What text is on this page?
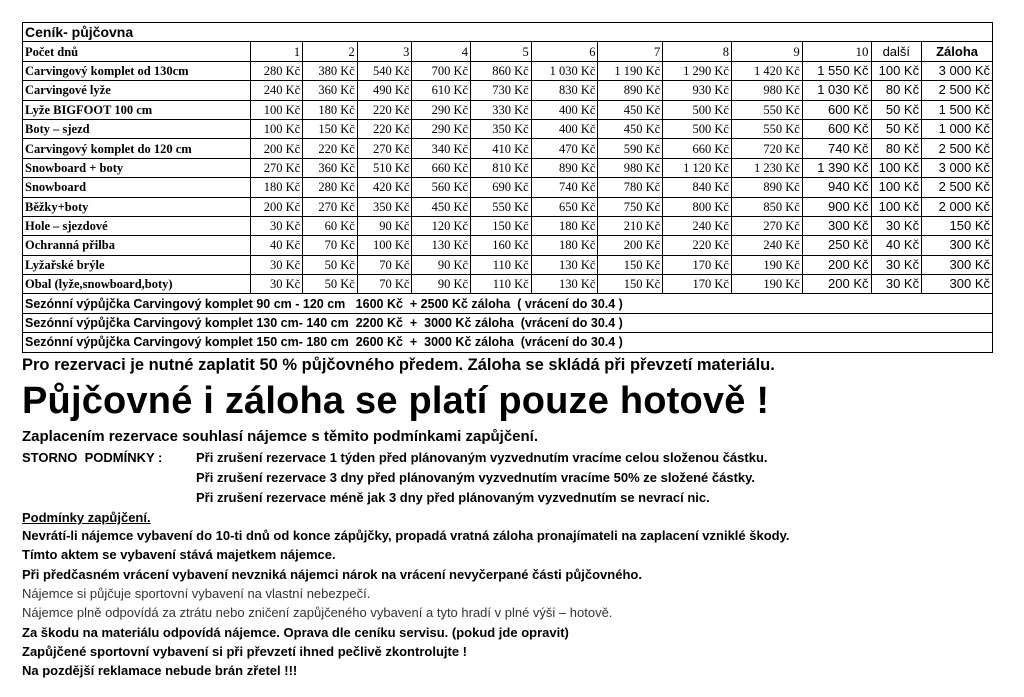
Ceník- půjčovna												
Počet dnů	1	2	3	4	5	6	7	8	9	10	další	Záloha
Carvingový komplet od 130cm	280 Kč	380 Kč	540 Kč	700 Kč	860 Kč	1 030 Kč	1 190 Kč	1 290 Kč	1 420 Kč	1 550 Kč	100 Kč	3 000 Kč
Carvingové lyže	240 Kč	360 Kč	490 Kč	610 Kč	730 Kč	830 Kč	890 Kč	930 Kč	980 Kč	1 030 Kč	80 Kč	2 500 Kč
Lyže BIGFOOT 100 cm	100 Kč	180 Kč	220 Kč	290 Kč	330 Kč	400 Kč	450 Kč	500 Kč	550 Kč	600 Kč	50 Kč	1 500 Kč
Boty – sjezd	100 Kč	150 Kč	220 Kč	290 Kč	350 Kč	400 Kč	450 Kč	500 Kč	550 Kč	600 Kč	50 Kč	1 000 Kč
Carvingový komplet do 120 cm	200 Kč	220 Kč	270 Kč	340 Kč	410 Kč	470 Kč	590 Kč	660 Kč	720 Kč	740 Kč	80 Kč	2 500 Kč
Snowboard + boty	270 Kč	360 Kč	510 Kč	660 Kč	810 Kč	890 Kč	980 Kč	1 120 Kč	1 230 Kč	1 390 Kč	100 Kč	3 000 Kč
Snowboard	180 Kč	280 Kč	420 Kč	560 Kč	690 Kč	740 Kč	780 Kč	840 Kč	890 Kč	940 Kč	100 Kč	2 500 Kč
Běžky+boty	200 Kč	270 Kč	350 Kč	450 Kč	550 Kč	650 Kč	750 Kč	800 Kč	850 Kč	900 Kč	100 Kč	2 000 Kč
Hole – sjezdové	30 Kč	60 Kč	90 Kč	120 Kč	150 Kč	180 Kč	210 Kč	240 Kč	270 Kč	300 Kč	30 Kč	150 Kč
Ochranná přilba	40 Kč	70 Kč	100 Kč	130 Kč	160 Kč	180 Kč	200 Kč	220 Kč	240 Kč	250 Kč	40 Kč	300 Kč
Lyžařské brýle	30 Kč	50 Kč	70 Kč	90 Kč	110 Kč	130 Kč	150 Kč	170 Kč	190 Kč	200 Kč	30 Kč	300 Kč
Obal (lyže,snowboard,boty)	30 Kč	50 Kč	70 Kč	90 Kč	110 Kč	130 Kč	150 Kč	170 Kč	190 Kč	200 Kč	30 Kč	300 Kč
Sezónní výpůjčka Carvingový komplet 90 cm - 120 cm   1600 Kč  + 2500 Kč záloha  ( vrácení do 30.4 )												
Sezónní výpůjčka Carvingový komplet 130 cm- 140 cm  2200 Kč  +  3000 Kč záloha  (vrácení do 30.4 )												
Sezónní výpůjčka Carvingový komplet 150 cm- 180 cm  2600 Kč  +  3000 Kč záloha  (vrácení do 30.4 )												
Pro rezervaci je nutné zaplatit 50 % půjčovného předem. Záloha se skládá při převzetí materiálu.
Půjčovné i záloha se platí pouze hotově !
Zaplacením rezervace souhlasí nájemce s těmito podmínkami zapůjčení.
STORNO  PODMÍNKY :	Při zrušení rezervace 1 týden před plánovaným vyzvednutím vracíme celou složenou částku.
Při zrušení rezervace 3 dny před plánovaným vyzvednutím vracíme 50% ze složené částky.
Při zrušení rezervace méně jak 3 dny před plánovaným vyzvednutím se nevrací nic.
Podmínky zapůjčení.
Nevrátí-li nájemce vybavení do 10-ti dnů od konce zápůjčky, propadá vratná záloha pronajímateli na zaplacení vzniklé škody.
Tímto aktem se vybavení stává majetkem nájemce.
Při předčasném vrácení vybavení nevzniká nájemci nárok na vrácení nevyčerpané části půjčovného.
Nájemce si půjčuje sportovní vybavení na vlastní nebezpečí.
Nájemce plně odpovídá za ztrátu nebo zničení zapůjčeného vybavení a tyto hradí v plné výši – hotově.
Za škodu na materiálu odpovídá nájemce. Oprava dle ceníku servisu. (pokud jde opravit)
Zapůjčené sportovní vybavení si při převzetí ihned pečlivě zkontrolujte !
Na pozdější reklamace nebude brán zřetel !!!
